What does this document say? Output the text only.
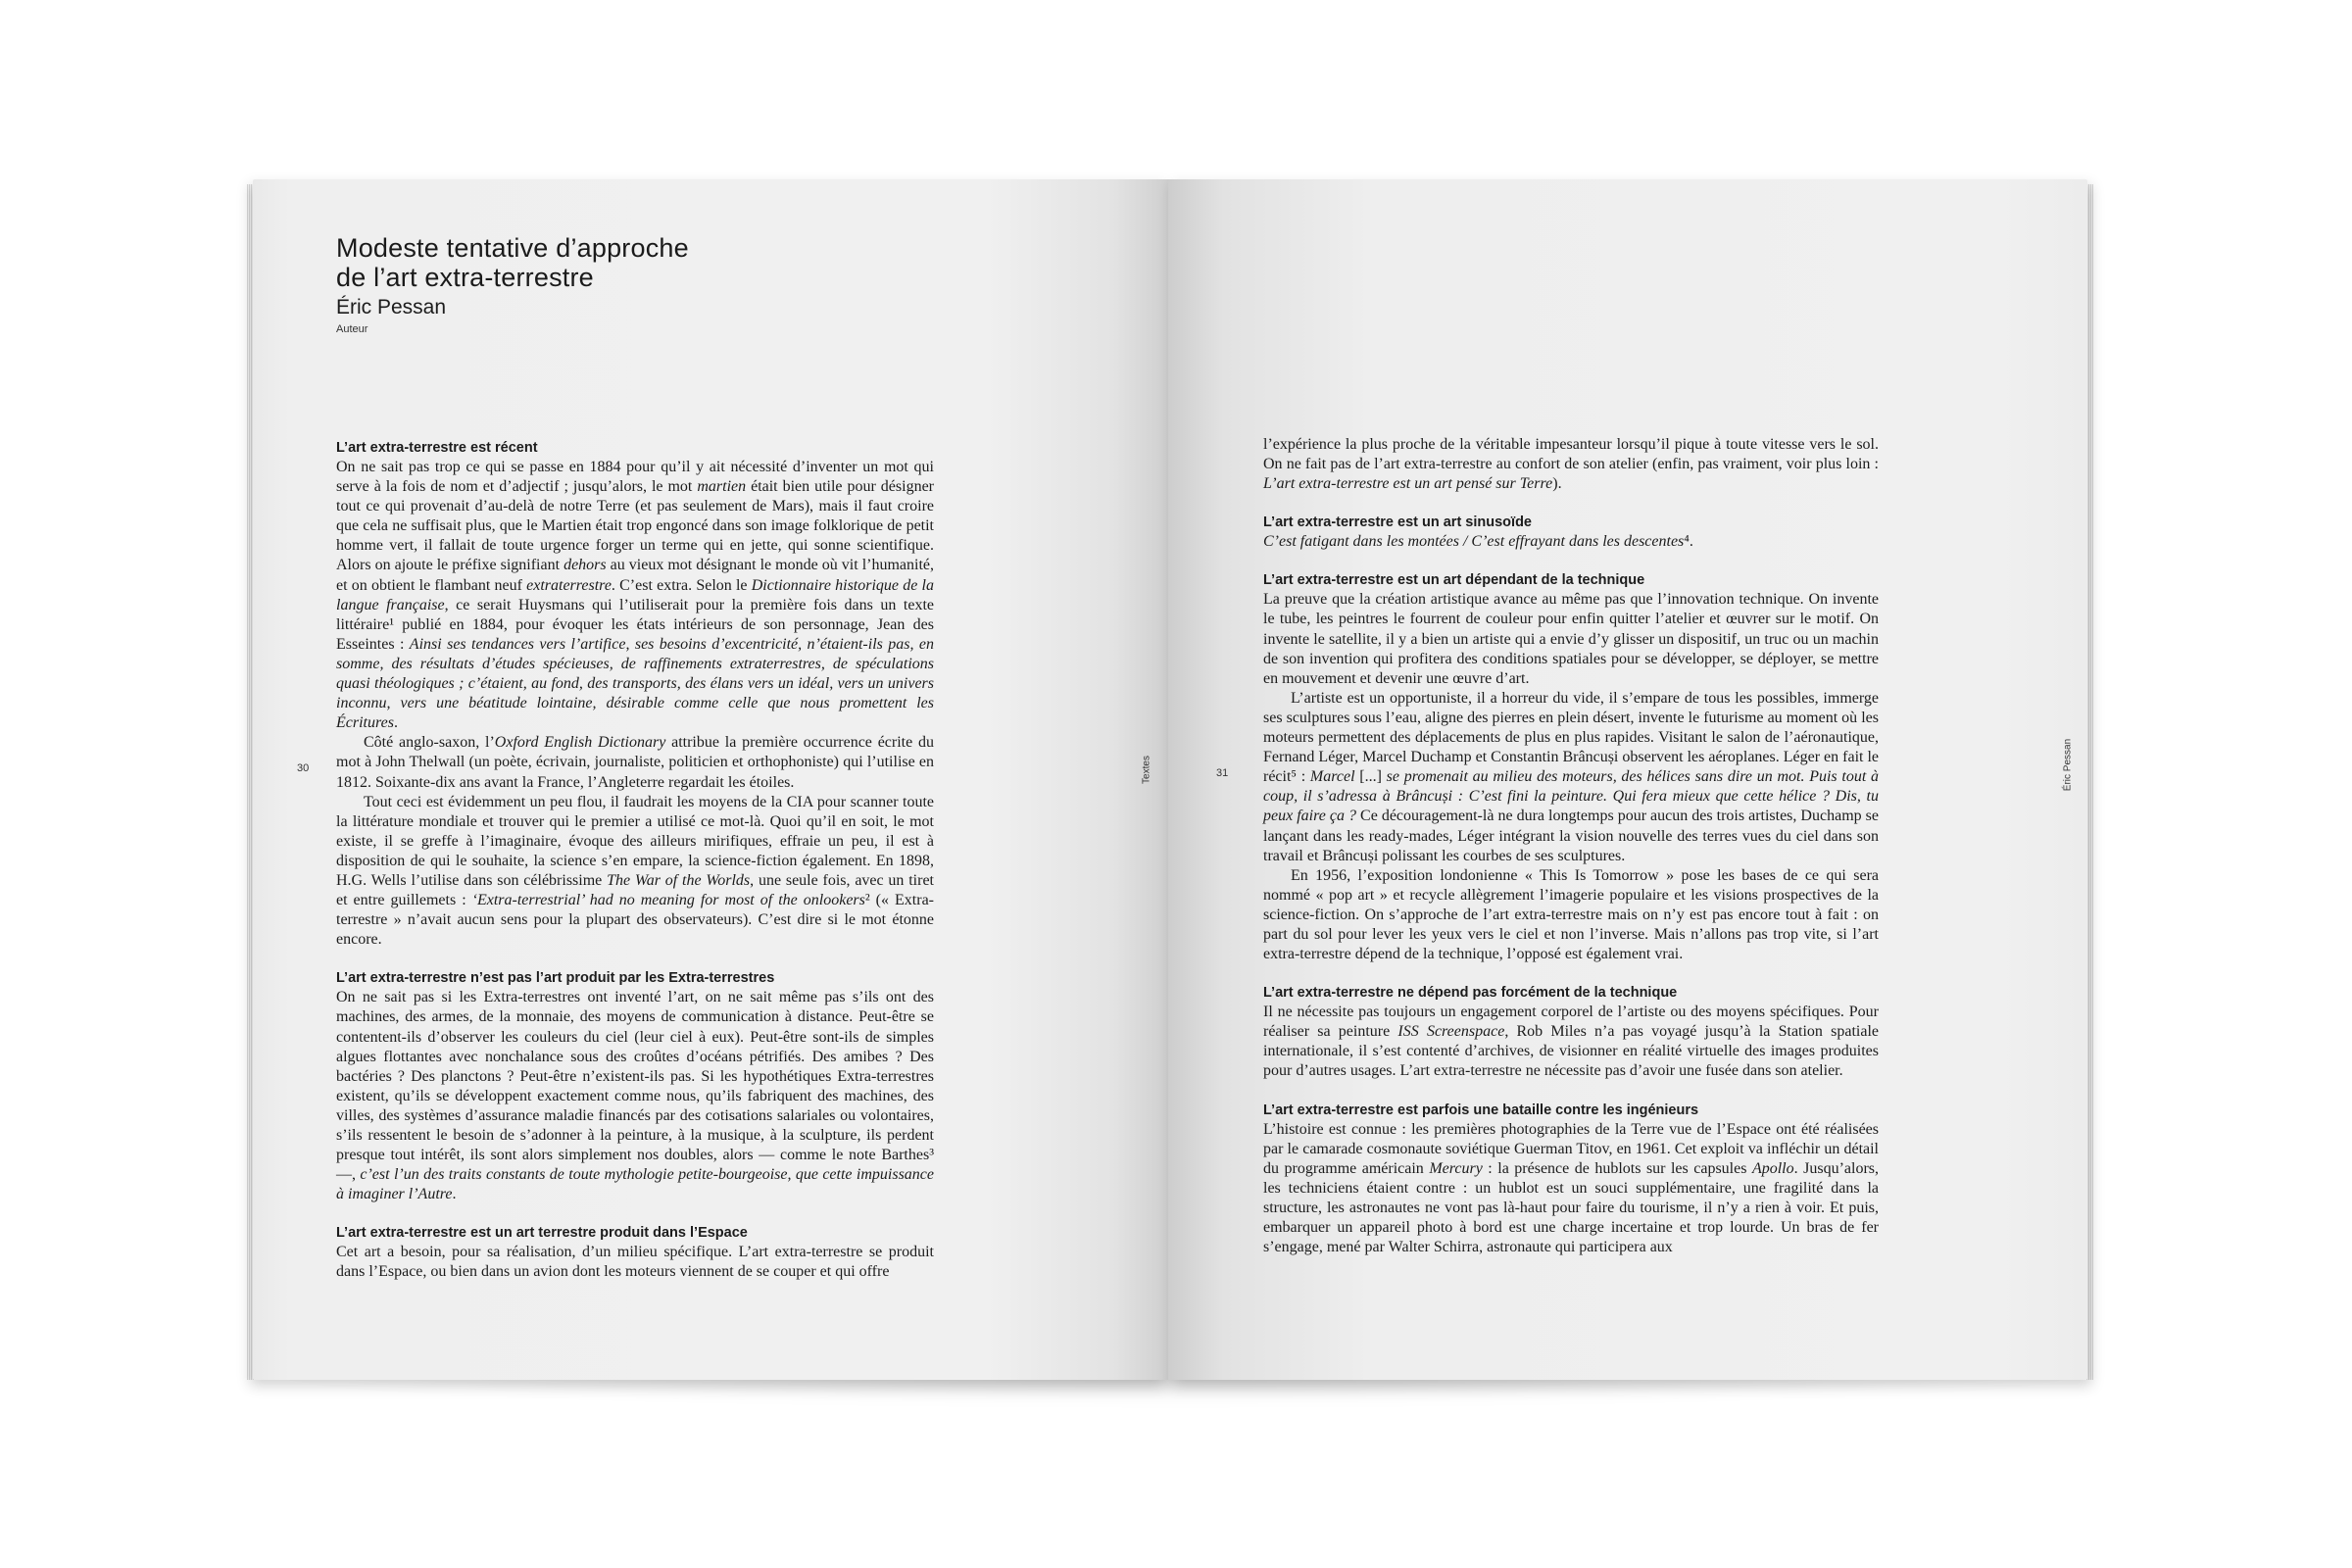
Modeste tentative d’approche
de l’art extra-terrestre
Éric Pessan
Auteur
30	Textes	31	Éric Pessan
L’art extra-terrestre est récent

On ne sait pas trop ce qui se passe en 1884 pour qu’il y ait nécessité d’inventer un mot qui serve à la fois de nom et d’adjectif ; jusqu’alors, le mot martien était bien utile pour désigner tout ce qui provenait d’au-delà de notre Terre (et pas seulement de Mars), mais il faut croire que cela ne suffisait plus, que le Martien était trop engoncé dans son image folklorique de petit homme vert, il fallait de toute urgence forger un terme qui en jette, qui sonne scientifique. Alors on ajoute le préfixe signifiant dehors au vieux mot désignant le monde où vit l’humanité, et on obtient le flambant neuf extraterrestre. C’est extra. Selon le Dictionnaire historique de la langue française, ce serait Huysmans qui l’utiliserait pour la première fois dans un texte littéraire¹ publié en 1884, pour évoquer les états intérieurs de son personnage, Jean des Esseintes : Ainsi ses tendances vers l’artifice, ses besoins d’excentricité, n’étaient-ils pas, en somme, des résultats d’études spécieuses, de raffinements extraterrestres, de spéculations quasi théologiques ; c’étaient, au fond, des transports, des élans vers un idéal, vers un univers inconnu, vers une béatitude lointaine, désirable comme celle que nous promettent les Écritures.

Côté anglo-saxon, l’Oxford English Dictionary attribue la première occurrence écrite du mot à John Thelwall (un poète, écrivain, journaliste, politicien et orthophoniste) qui l’utilise en 1812. Soixante-dix ans avant la France, l’Angleterre regardait les étoiles.

Tout ceci est évidemment un peu flou, il faudrait les moyens de la CIA pour scanner toute la littérature mondiale et trouver qui le premier a utilisé ce mot-là. Quoi qu’il en soit, le mot existe, il se greffe à l’imaginaire, évoque des ailleurs mirifiques, effraie un peu, il est à disposition de qui le souhaite, la science s’en empare, la science-fiction également. En 1898, H.G. Wells l’utilise dans son célébrissime The War of the Worlds, une seule fois, avec un tiret et entre guillemets : ‘Extra-terrestrial’ had no meaning for most of the onlookers² (« Extra-terrestre » n’avait aucun sens pour la plupart des observateurs). C’est dire si le mot étonne encore.

L’art extra-terrestre n’est pas l’art produit par les Extra-terrestres

On ne sait pas si les Extra-terrestres ont inventé l’art, on ne sait même pas s’ils ont des machines, des armes, de la monnaie, des moyens de communication à distance. Peut-être se contentent-ils d’observer les couleurs du ciel (leur ciel à eux). Peut-être sont-ils de simples algues flottantes avec nonchalance sous des croûtes d’océans pétrifiés. Des amibes ? Des bactéries ? Des planctons ? Peut-être n’existent-ils pas. Si les hypothétiques Extra-terrestres existent, qu’ils se développent exactement comme nous, qu’ils fabriquent des machines, des villes, des systèmes d’assurance maladie financés par des cotisations salariales ou volontaires, s’ils ressentent le besoin de s’adonner à la peinture, à la musique, à la sculpture, ils perdent presque tout intérêt, ils sont alors simplement nos doubles, alors — comme le note Barthes³ —, c’est l’un des traits constants de toute mythologie petite-bourgeoise, que cette impuissance à imaginer l’Autre.

L’art extra-terrestre est un art terrestre produit dans l’Espace

Cet art a besoin, pour sa réalisation, d’un milieu spécifique. L’art extra-terrestre se produit dans l’Espace, ou bien dans un avion dont les moteurs viennent de se couper et qui offre

l’expérience la plus proche de la véritable impesanteur lorsqu’il pique à toute vitesse vers le sol. On ne fait pas de l’art extra-terrestre au confort de son atelier (enfin, pas vraiment, voir plus loin : L’art extra-terrestre est un art pensé sur Terre).

L’art extra-terrestre est un art sinusoïde

C’est fatigant dans les montées / C’est effrayant dans les descentes⁴.

L’art extra-terrestre est un art dépendant de la technique

La preuve que la création artistique avance au même pas que l’innovation technique. On invente le tube, les peintres le fourrent de couleur pour enfin quitter l’atelier et œuvrer sur le motif. On invente le satellite, il y a bien un artiste qui a envie d’y glisser un dispositif, un truc ou un machin de son invention qui profitera des conditions spatiales pour se développer, se déployer, se mettre en mouvement et devenir une œuvre d’art.

L’artiste est un opportuniste, il a horreur du vide, il s’empare de tous les possibles, immerge ses sculptures sous l’eau, aligne des pierres en plein désert, invente le futurisme au moment où les moteurs permettent des déplacements de plus en plus rapides. Visitant le salon de l’aéronautique, Fernand Léger, Marcel Duchamp et Constantin Brâncuși observent les aéroplanes. Léger en fait le récit⁵ : Marcel [...] se promenait au milieu des moteurs, des hélices sans dire un mot. Puis tout à coup, il s’adressa à Brâncuși : C’est fini la peinture. Qui fera mieux que cette hélice ? Dis, tu peux faire ça ? Ce découragement-là ne dura longtemps pour aucun des trois artistes, Duchamp se lançant dans les ready-mades, Léger intégrant la vision nouvelle des terres vues du ciel dans son travail et Brâncuși polissant les courbes de ses sculptures.

En 1956, l’exposition londonienne « This Is Tomorrow » pose les bases de ce qui sera nommé « pop art » et recycle allègrement l’imagerie populaire et les visions prospectives de la science-fiction. On s’approche de l’art extra-terrestre mais on n’y est pas encore tout à fait : on part du sol pour lever les yeux vers le ciel et non l’inverse. Mais n’allons pas trop vite, si l’art extra-terrestre dépend de la technique, l’opposé est également vrai.

L’art extra-terrestre ne dépend pas forcément de la technique

Il ne nécessite pas toujours un engagement corporel de l’artiste ou des moyens spécifiques. Pour réaliser sa peinture ISS Screenspace, Rob Miles n’a pas voyagé jusqu’à la Station spatiale internationale, il s’est contenté d’archives, de visionner en réalité virtuelle des images produites pour d’autres usages. L’art extra-terrestre ne nécessite pas d’avoir une fusée dans son atelier.

L’art extra-terrestre est parfois une bataille contre les ingénieurs

L’histoire est connue : les premières photographies de la Terre vue de l’Espace ont été réalisées par le camarade cosmonaute soviétique Guerman Titov, en 1961. Cet exploit va infléchir un détail du programme américain Mercury : la présence de hublots sur les capsules Apollo. Jusqu’alors, les techniciens étaient contre : un hublot est un souci supplémentaire, une fragilité dans la structure, les astronautes ne vont pas là-haut pour faire du tourisme, il n’y a rien à voir. Et puis, embarquer un appareil photo à bord est une charge incertaine et trop lourde. Un bras de fer s’engage, mené par Walter Schirra, astronaute qui participera aux
